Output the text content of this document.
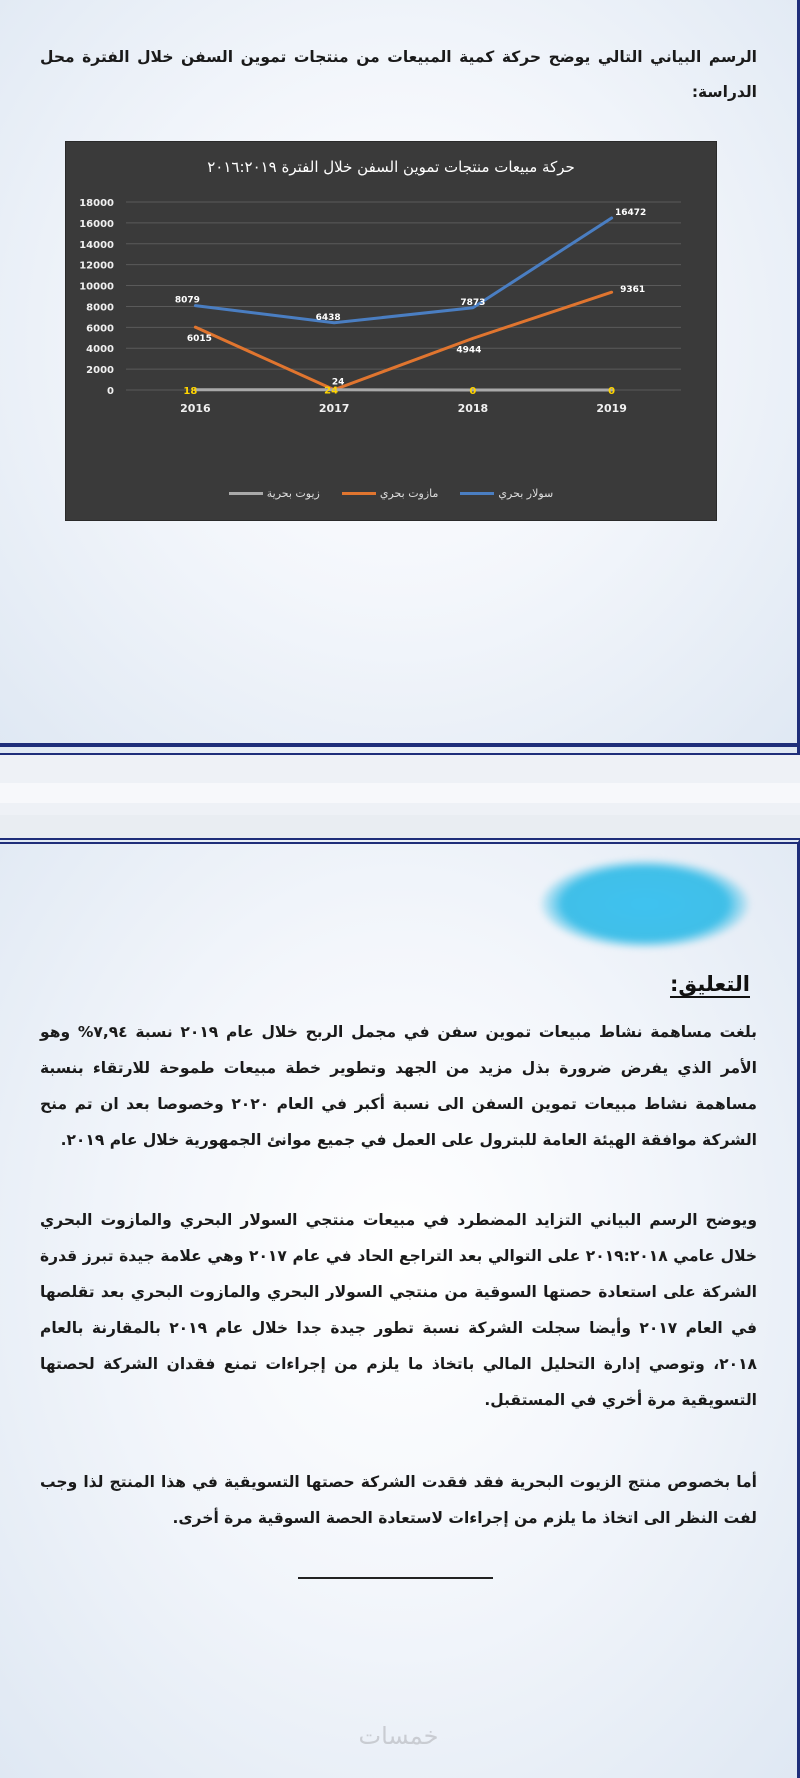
الرسم البياني التالي يوضح حركة كمية المبيعات من منتجات تموين السفن خلال الفترة محل الدراسة:

0
2000
4000
6000
8000
10000
12000
14000
16000
18000
2016	2017	2018	2019
8079
6438
7873
16472
6015
24
4944
9361
18	24	0	0
حركة مبيعات منتجات تموين السفن خلال الفترة ٢٠١٦:٢٠١٩
سولار بحري
مازوت بحري
زيوت بحرية
التعليق:

بلغت مساهمة نشاط مبيعات تموين سفن في مجمل الربح خلال عام ٢٠١٩ نسبة ٧,٩٤% وهو الأمر الذي يفرض ضرورة بذل مزيد من الجهد وتطوير خطة مبيعات طموحة للارتقاء بنسبة مساهمة نشاط مبيعات تموين السفن الى نسبة أكبر في العام ٢٠٢٠ وخصوصا بعد ان تم منح الشركة موافقة الهيئة العامة للبترول على العمل في جميع موانئ الجمهورية خلال عام ٢٠١٩.

ويوضح الرسم البياني التزايد المضطرد في مبيعات منتجي السولار البحري والمازوت البحري خلال عامي ٢٠١٩:٢٠١٨ على التوالي بعد التراجع الحاد في عام ٢٠١٧ وهي علامة جيدة تبرز قدرة الشركة على استعادة حصتها السوقية من منتجي السولار البحري والمازوت البحري بعد تقلصها في العام ٢٠١٧ وأيضا سجلت الشركة نسبة تطور جيدة جدا خلال عام ٢٠١٩ بالمقارنة بالعام ٢٠١٨، وتوصي إدارة التحليل المالي باتخاذ ما يلزم من إجراءات تمنع فقدان الشركة لحصتها التسويقية مرة أخري في المستقبل.

أما بخصوص منتج الزيوت البحرية فقد فقدت الشركة حصتها التسويقية في هذا المنتج لذا وجب لفت النظر الى اتخاذ ما يلزم من إجراءات لاستعادة الحصة السوقية مرة أخرى.

خمسات
